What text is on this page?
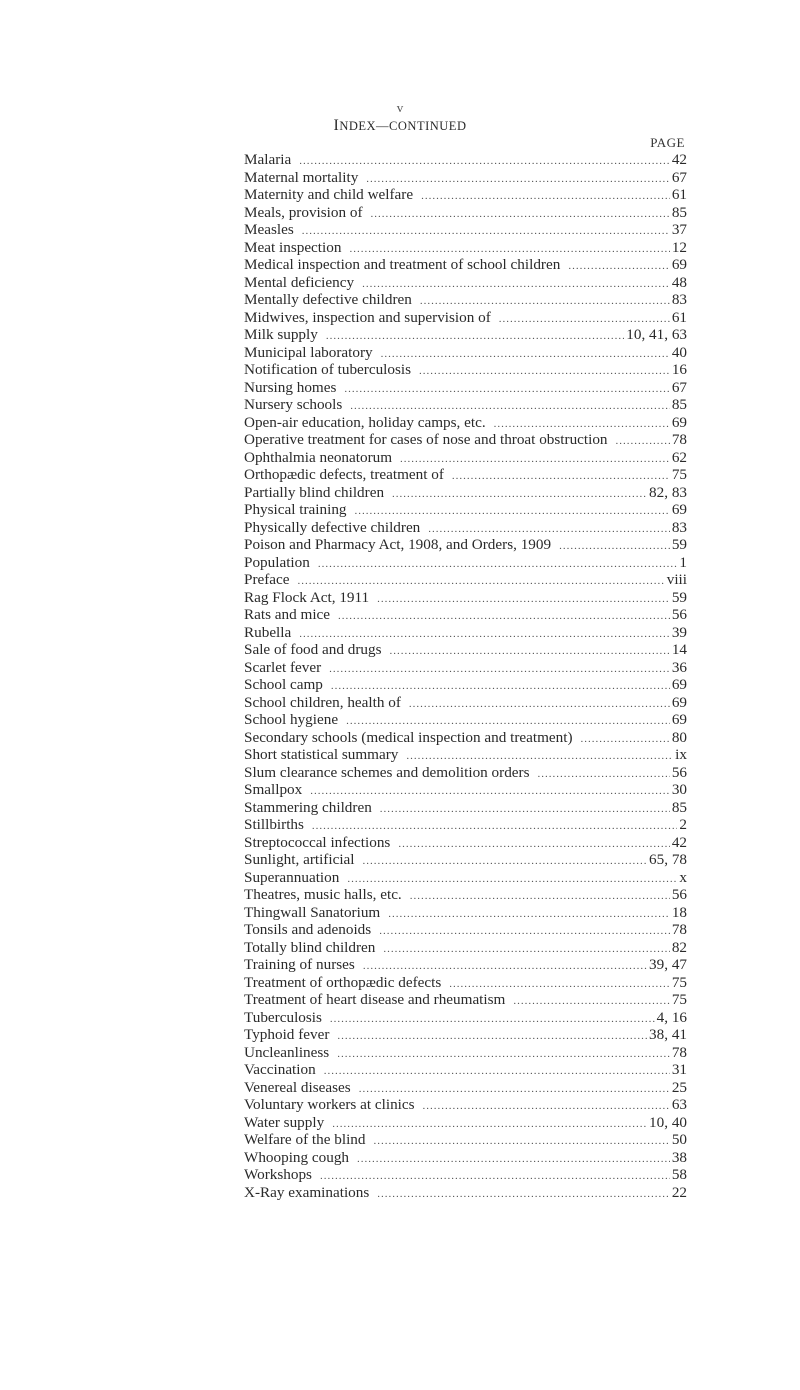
v
INDEX—CONTINUED
PAGE
Malaria .....	42
Maternal mortality .....	67
Maternity and child welfare .....	61
Meals, provision of .....	85
Measles .....	37
Meat inspection .....	12
Medical inspection and treatment of school children .....	69
Mental deficiency .....	48
Mentally defective children .....	83
Midwives, inspection and supervision of .....	61
Milk supply .....	10, 41, 63
Municipal laboratory .....	40
Notification of tuberculosis .....	16
Nursing homes .....	67
Nursery schools .....	85
Open-air education, holiday camps, etc. .....	69
Operative treatment for cases of nose and throat obstruction .....	78
Ophthalmia neonatorum .....	62
Orthopædic defects, treatment of .....	75
Partially blind children .....	82, 83
Physical training .....	69
Physically defective children .....	83
Poison and Pharmacy Act, 1908, and Orders, 1909 .....	59
Population .....	1
Preface .....	viii
Rag Flock Act, 1911 .....	59
Rats and mice .....	56
Rubella .....	39
Sale of food and drugs .....	14
Scarlet fever .....	36
School camp .....	69
School children, health of .....	69
School hygiene .....	69
Secondary schools (medical inspection and treatment) .....	80
Short statistical summary .....	ix
Slum clearance schemes and demolition orders .....	56
Smallpox .....	30
Stammering children .....	85
Stillbirths .....	2
Streptococcal infections .....	42
Sunlight, artificial .....	65, 78
Superannuation .....	x
Theatres, music halls, etc. .....	56
Thingwall Sanatorium .....	18
Tonsils and adenoids .....	78
Totally blind children .....	82
Training of nurses .....	39, 47
Treatment of orthopædic defects .....	75
Treatment of heart disease and rheumatism .....	75
Tuberculosis .....	4, 16
Typhoid fever .....	38, 41
Uncleanliness .....	78
Vaccination .....	31
Venereal diseases .....	25
Voluntary workers at clinics .....	63
Water supply .....	10, 40
Welfare of the blind .....	50
Whooping cough .....	38
Workshops .....	58
X-Ray examinations .....	22
